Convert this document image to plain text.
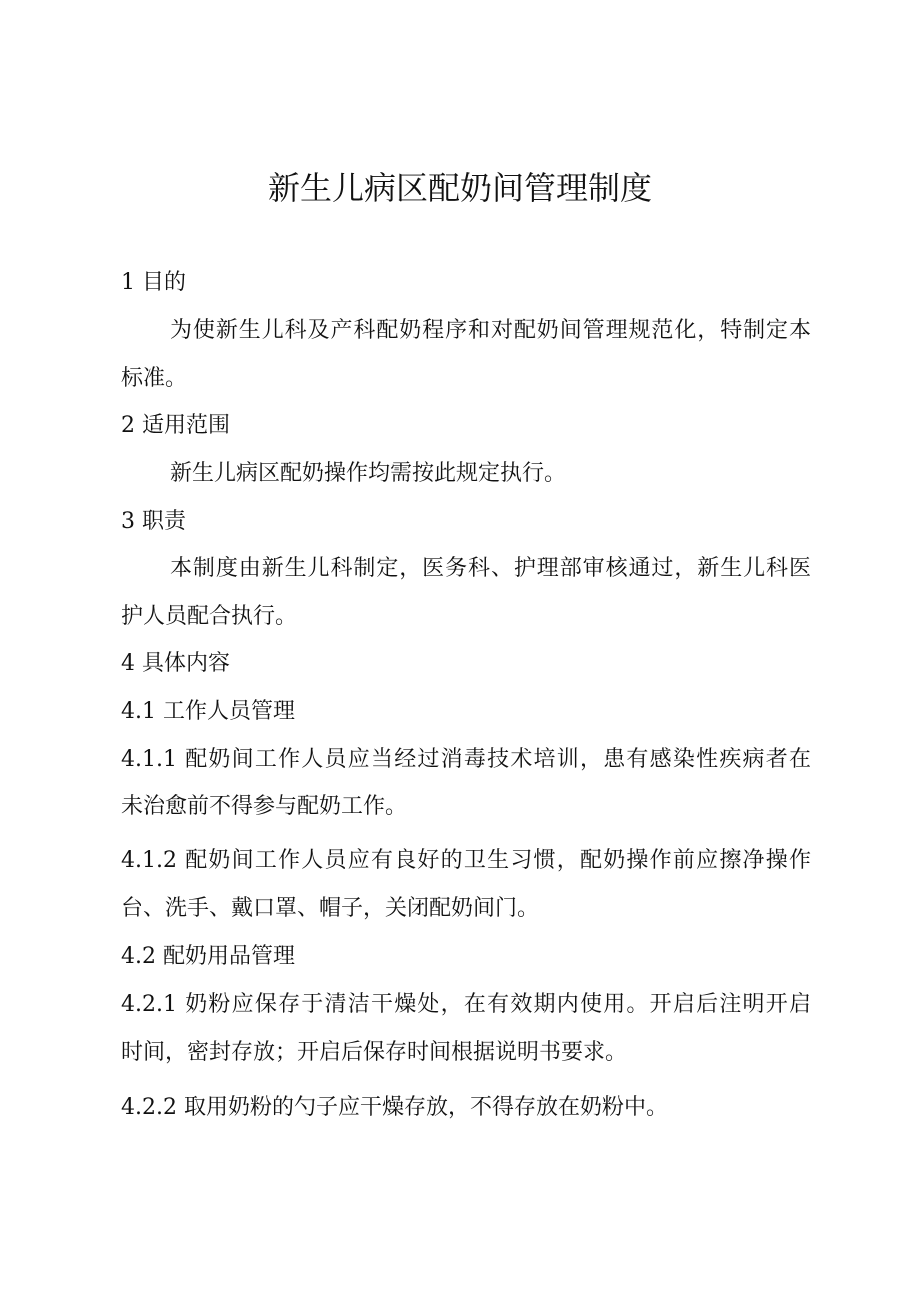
新生儿病区配奶间管理制度
1 目的
为使新生儿科及产科配奶程序和对配奶间管理规范化，特制定本
标准。
2 适用范围
新生儿病区配奶操作均需按此规定执行。
3 职责
本制度由新生儿科制定，医务科、护理部审核通过，新生儿科医
护人员配合执行。
4 具体内容
4.1 工作人员管理
4.1.1 配奶间工作人员应当经过消毒技术培训，患有感染性疾病者在
未治愈前不得参与配奶工作。
4.1.2 配奶间工作人员应有良好的卫生习惯，配奶操作前应擦净操作
台、洗手、戴口罩、帽子，关闭配奶间门。
4.2 配奶用品管理
4.2.1 奶粉应保存于清洁干燥处，在有效期内使用。开启后注明开启
时间，密封存放；开启后保存时间根据说明书要求。
4.2.2 取用奶粉的勺子应干燥存放，不得存放在奶粉中。
